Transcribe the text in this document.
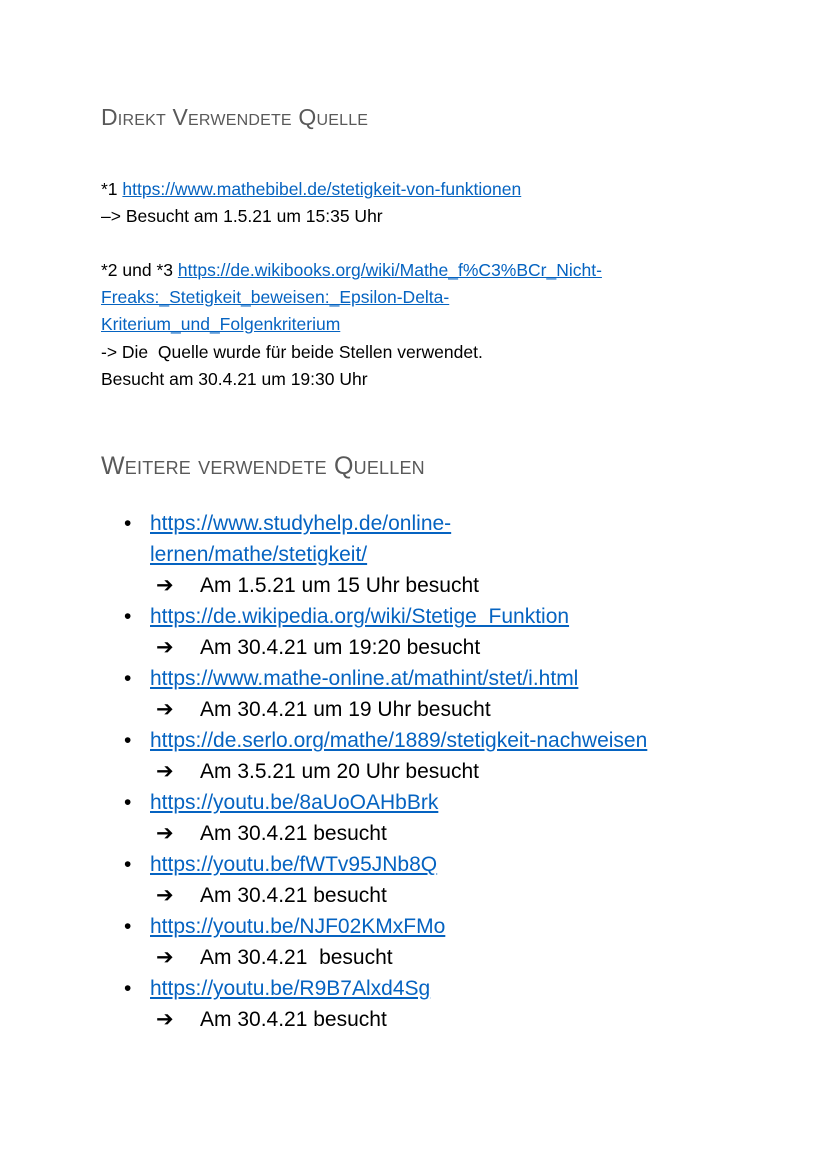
Direkt Verwendete Quelle
*1 https://www.mathebibel.de/stetigkeit-von-funktionen
–> Besucht am 1.5.21 um 15:35 Uhr
*2 und *3 https://de.wikibooks.org/wiki/Mathe_f%C3%BCr_Nicht-
Freaks:_Stetigkeit_beweisen:_Epsilon-Delta-
Kriterium_und_Folgenkriterium
-> Die  Quelle wurde für beide Stellen verwendet.
Besucht am 30.4.21 um 19:30 Uhr
Weitere verwendete Quellen
• https://www.studyhelp.de/online-
lernen/mathe/stetigkeit/
➔ Am 1.5.21 um 15 Uhr besucht
• https://de.wikipedia.org/wiki/Stetige_Funktion
➔ Am 30.4.21 um 19:20 besucht
• https://www.mathe-online.at/mathint/stet/i.html
➔ Am 30.4.21 um 19 Uhr besucht
• https://de.serlo.org/mathe/1889/stetigkeit-nachweisen
➔ Am 3.5.21 um 20 Uhr besucht
• https://youtu.be/8aUoOAHbBrk
➔ Am 30.4.21 besucht
• https://youtu.be/fWTv95JNb8Q
➔ Am 30.4.21 besucht
• https://youtu.be/NJF02KMxFMo
➔ Am 30.4.21  besucht
• https://youtu.be/R9B7Alxd4Sg
➔ Am 30.4.21 besucht
